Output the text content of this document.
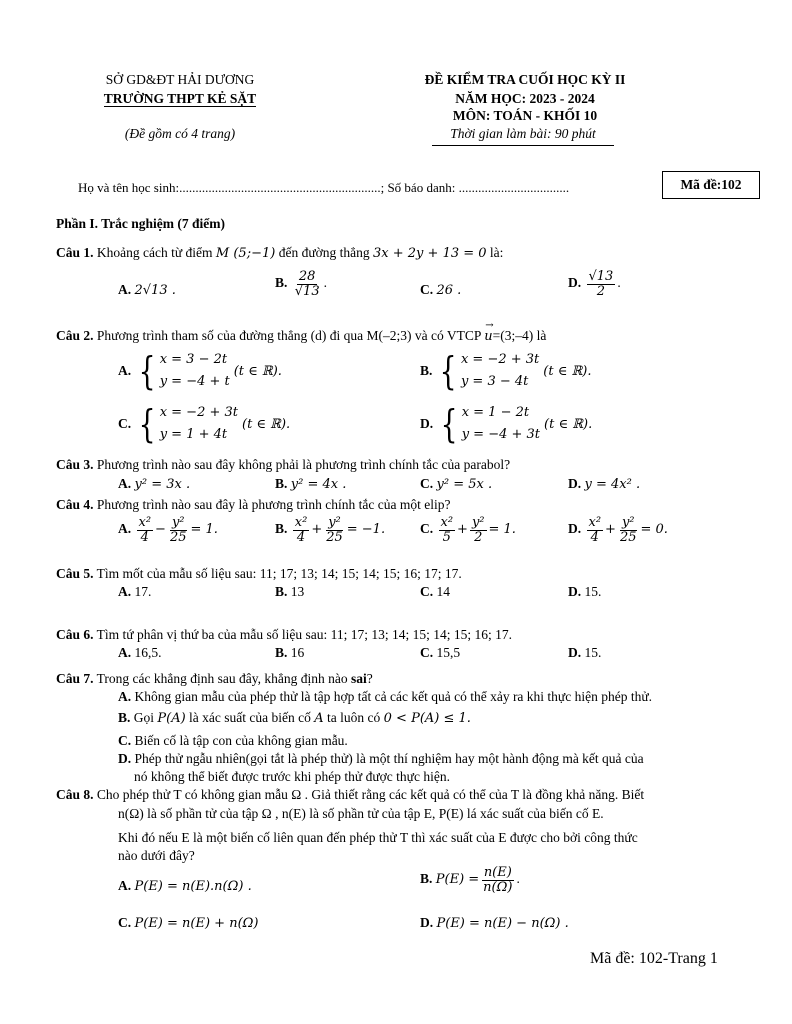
SỞ GD&ĐT HẢI DƯƠNG
TRƯỜNG THPT KẺ SẶT
(Đề gồm có 4 trang)
ĐỀ KIỂM TRA CUỐI HỌC KỲ II
NĂM HỌC: 2023 - 2024
MÔN: TOÁN - KHỐI 10
Thời gian làm bài: 90 phút
Họ và tên học sinh:..............................................................; Số báo danh: ..................................	Mã đề:102
Phần I. Trắc nghiệm (7 điểm)
Câu 1. Khoảng cách từ điểm M (5;−1) đến đường thẳng 3x + 2y + 13 = 0 là:
A. 2√13 .
B. $\frac{28}{√13}$ .	C. 26 .
D. $\frac{√13}{2}$ .
Câu 2. Phương trình tham số của đường thẳng (d) đi qua M(–2;3) và có VTCP
→
u=(3;–4) là
A. { x = 3 − 2t
y = −4 + t
(t ∈ ℝ).	B. { x = −2 + 3t
y = 3 − 4t
(t ∈ ℝ).
C. { x = −2 + 3t
y = 1 + 4t
(t ∈ ℝ).	D. { x = 1 − 2t
y = −4 + 3t
(t ∈ ℝ).
Câu 3. Phương trình nào sau đây không phải là phương trình chính tắc của parabol?
A. y² = 3x .	B. y² = 4x .	C. y² = 5x .	D. y = 4x² .
Câu 4. Phương trình nào sau đây là phương trình chính tắc của một elip?
A. $\frac{\text{x²}}{4} - \frac{\text{y²}}{25} = 1$.	B. $\frac{\text{x²}}{4} + \frac{\text{y²}}{25} = -1$.	C. $\frac{\text{x²}}{5} + \frac{\text{y²}}{2} = 1$.	D. $\frac{\text{x²}}{4} + \frac{\text{y²}}{25} = 0$.
Câu 5. Tìm mốt của mẫu số liệu sau: 11; 17; 13; 14; 15; 14; 15; 16; 17; 17.
A. 17.	B. 13	C. 14	D. 15.
Câu 6. Tìm tứ phân vị thứ ba của mẫu số liệu sau: 11; 17; 13; 14; 15; 14; 15; 16; 17.
A. 16,5.	B. 16	C. 15,5	D. 15.
Câu 7. Trong các khẳng định sau đây, khẳng định nào sai?
A. Không gian mẫu của phép thử là tập hợp tất cả các kết quả có thể xảy ra khi thực hiện phép thử.
B. Gọi P(A) là xác suất của biến cố A ta luôn có 0 < P(A) ≤ 1.
C. Biến cố là tập con của không gian mẫu.
D. Phép thử ngẫu nhiên(gọi tắt là phép thử) là một thí nghiệm hay một hành động mà kết quả của
nó không thể biết được trước khi phép thử được thực hiện.
Câu 8. Cho phép thử T có không gian mẫu Ω . Giả thiết rằng các kết quả có thể của T là đồng khả năng. Biết
n(Ω) là số phần tử của tập Ω , n(E) là số phần tử của tập E, P(E) lá xác suất của biến cố E.
Khi đó nếu E là một biến cố liên quan đến phép thử T thì xác suất của E được cho bởi công thức
nào dưới đây?
A. P(E) = n(E).n(Ω) .
B. $P(E) = \frac{n(E)}{n(\Omega)}$ .
C. P(E) = n(E) + n(Ω)	D. P(E) = n(E) − n(Ω) .
Mã đề: 102-Trang 1
